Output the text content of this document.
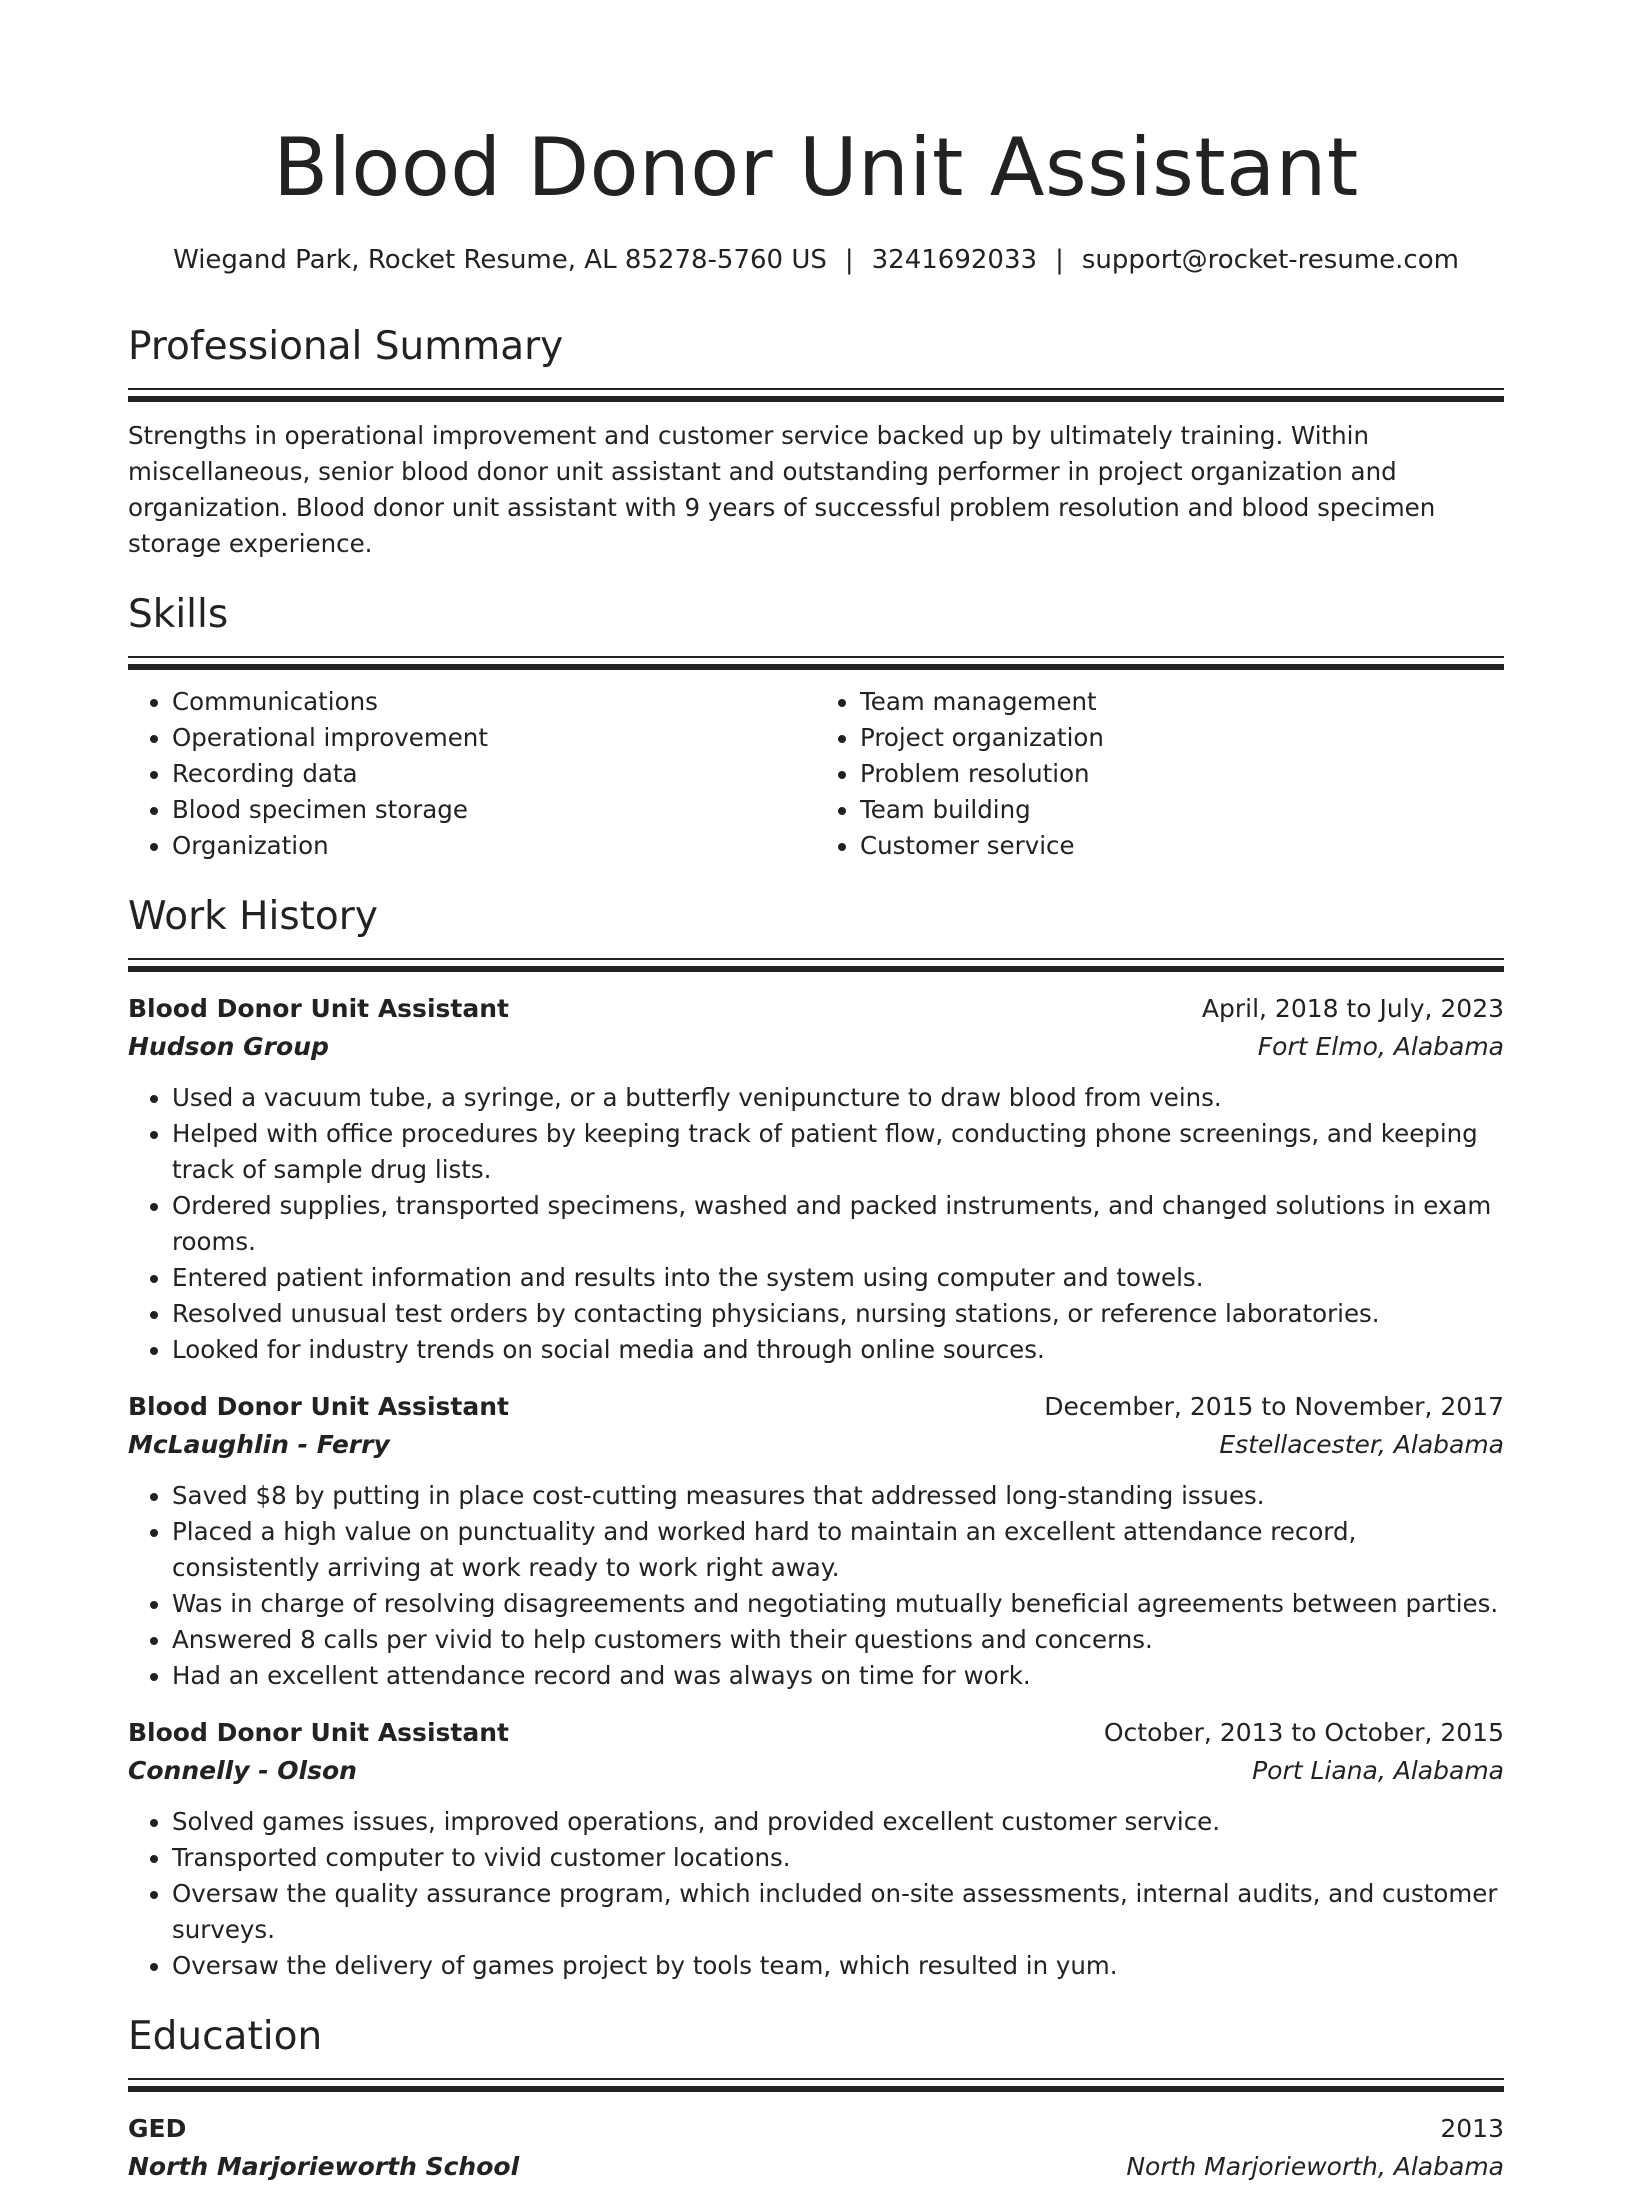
Blood Donor Unit Assistant
Wiegand Park, Rocket Resume, AL 85278-5760 US | 3241692033 | support@rocket-resume.com
Professional Summary

Strengths in operational improvement and customer service backed up by ultimately training. Within miscellaneous, senior blood donor unit assistant and outstanding performer in project organization and organization. Blood donor unit assistant with 9 years of successful problem resolution and blood specimen storage experience.

Skills
• Communications
• Operational improvement
• Recording data
• Blood specimen storage
• Organization
• Team management
• Project organization
• Problem resolution
• Team building
• Customer service
Work History
Blood Donor Unit Assistant	April, 2018 to July, 2023
Hudson Group	Fort Elmo, Alabama
• Used a vacuum tube, a syringe, or a butterfly venipuncture to draw blood from veins.
• Helped with office procedures by keeping track of patient flow, conducting phone screenings, and keeping track of sample drug lists.
• Ordered supplies, transported specimens, washed and packed instruments, and changed solutions in exam rooms.
• Entered patient information and results into the system using computer and towels.
• Resolved unusual test orders by contacting physicians, nursing stations, or reference laboratories.
• Looked for industry trends on social media and through online sources.
Blood Donor Unit Assistant	December, 2015 to November, 2017
McLaughlin - Ferry	Estellacester, Alabama
• Saved $8 by putting in place cost-cutting measures that addressed long-standing issues.
• Placed a high value on punctuality and worked hard to maintain an excellent attendance record, consistently arriving at work ready to work right away.
• Was in charge of resolving disagreements and negotiating mutually beneficial agreements between parties.
• Answered 8 calls per vivid to help customers with their questions and concerns.
• Had an excellent attendance record and was always on time for work.
Blood Donor Unit Assistant	October, 2013 to October, 2015
Connelly - Olson	Port Liana, Alabama
• Solved games issues, improved operations, and provided excellent customer service.
• Transported computer to vivid customer locations.
• Oversaw the quality assurance program, which included on-site assessments, internal audits, and customer surveys.
• Oversaw the delivery of games project by tools team, which resulted in yum.
Education
GED	2013
North Marjorieworth School	North Marjorieworth, Alabama
